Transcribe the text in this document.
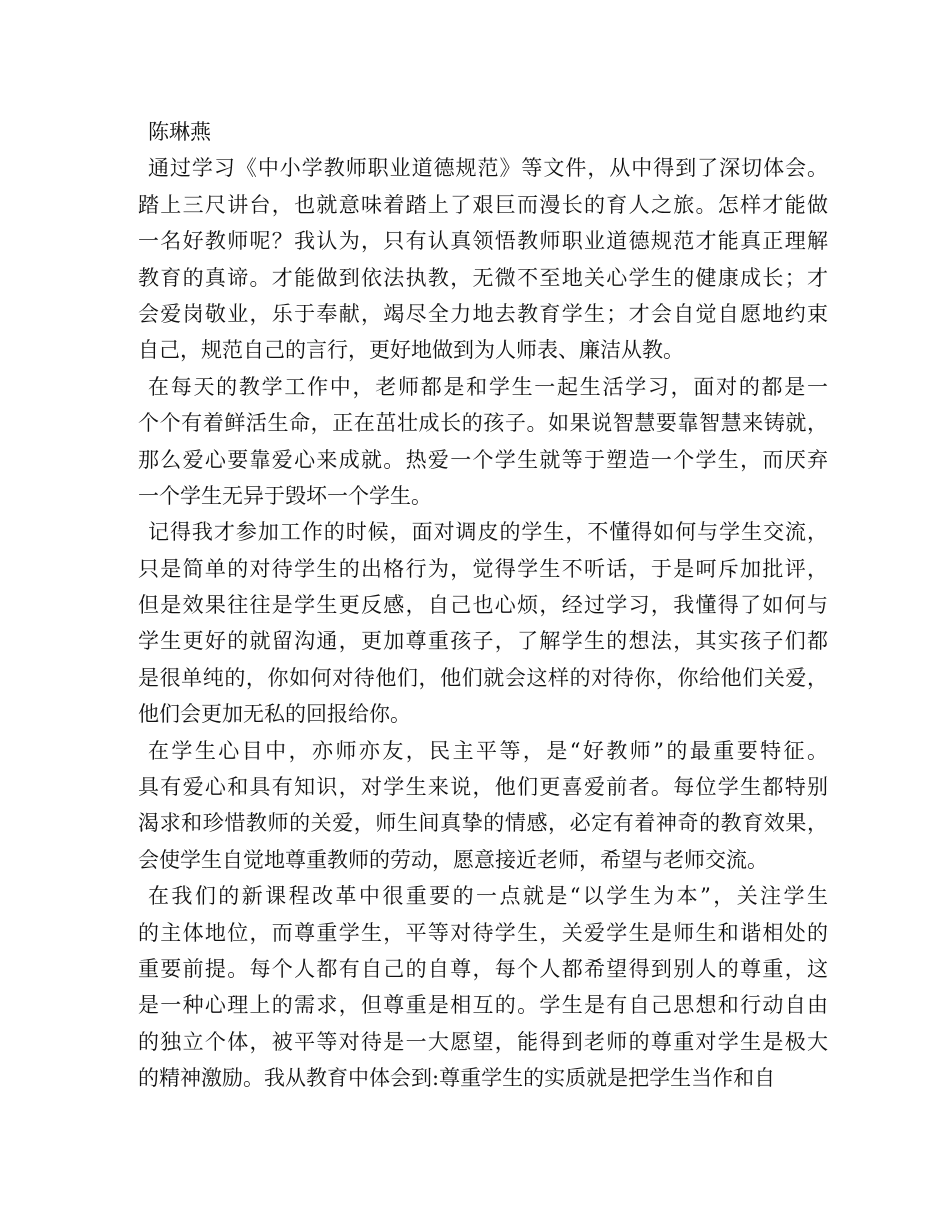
陈琳燕
通过学习《中小学教师职业道德规范》等文件，从中得到了深切体会。
踏上三尺讲台，也就意味着踏上了艰巨而漫长的育人之旅。怎样才能做
一名好教师呢？我认为，只有认真领悟教师职业道德规范才能真正理解
教育的真谛。才能做到依法执教，无微不至地关心学生的健康成长；才
会爱岗敬业，乐于奉献，竭尽全力地去教育学生；才会自觉自愿地约束
自己，规范自己的言行，更好地做到为人师表、廉洁从教。
在每天的教学工作中，老师都是和学生一起生活学习，面对的都是一
个个有着鲜活生命，正在茁壮成长的孩子。如果说智慧要靠智慧来铸就，
那么爱心要靠爱心来成就。热爱一个学生就等于塑造一个学生，而厌弃
一个学生无异于毁坏一个学生。
记得我才参加工作的时候，面对调皮的学生，不懂得如何与学生交流，
只是简单的对待学生的出格行为，觉得学生不听话，于是呵斥加批评，
但是效果往往是学生更反感，自己也心烦，经过学习，我懂得了如何与
学生更好的就留沟通，更加尊重孩子，了解学生的想法，其实孩子们都
是很单纯的，你如何对待他们，他们就会这样的对待你，你给他们关爱，
他们会更加无私的回报给你。
在学生心目中，亦师亦友，民主平等，是“好教师”的最重要特征。
具有爱心和具有知识，对学生来说，他们更喜爱前者。每位学生都特别
渴求和珍惜教师的关爱，师生间真挚的情感，必定有着神奇的教育效果，
会使学生自觉地尊重教师的劳动，愿意接近老师，希望与老师交流。
在我们的新课程改革中很重要的一点就是“以学生为本”，关注学生
的主体地位，而尊重学生，平等对待学生，关爱学生是师生和谐相处的
重要前提。每个人都有自己的自尊，每个人都希望得到别人的尊重，这
是一种心理上的需求，但尊重是相互的。学生是有自己思想和行动自由
的独立个体，被平等对待是一大愿望，能得到老师的尊重对学生是极大
的精神激励。我从教育中体会到:尊重学生的实质就是把学生当作和自
